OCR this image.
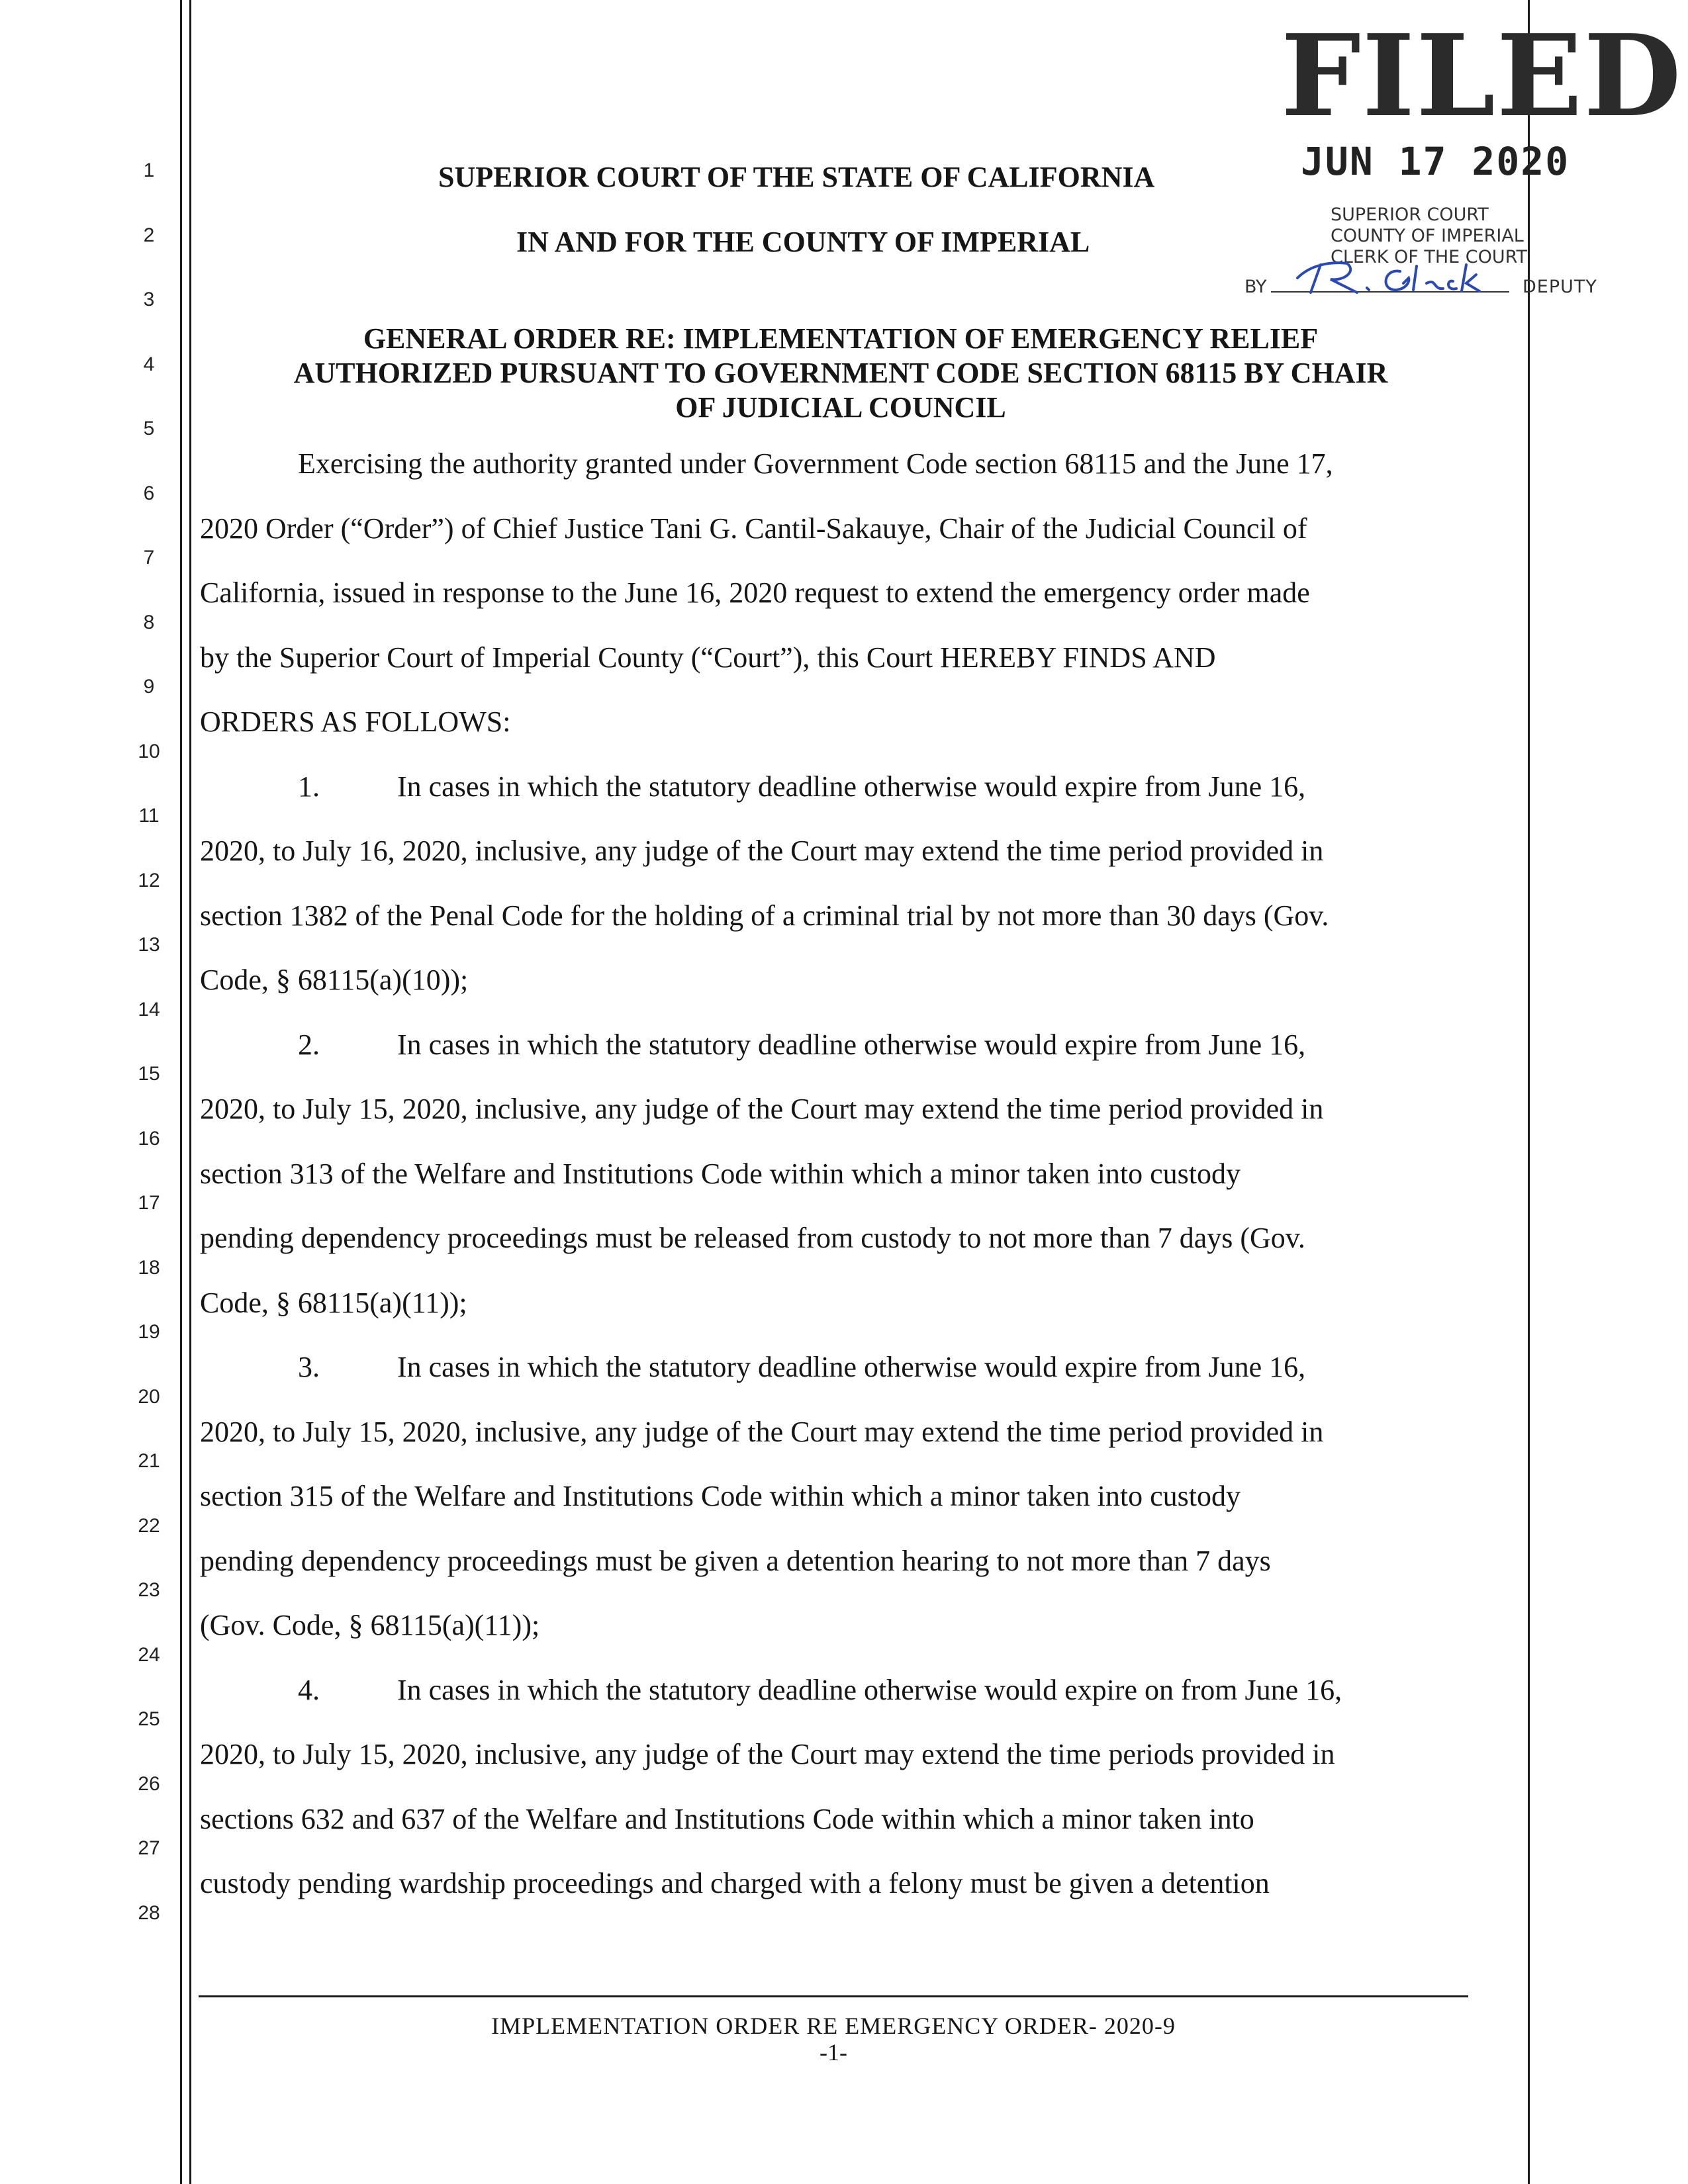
1
2
3
4
5
6
7
8
9
10
11
12
13
14
15
16
17
18
19
20
21
22
23
24
25
26
27
28
FILED
JUN 17 2020
SUPERIOR COURT
COUNTY OF IMPERIAL
CLERK OF THE COURT
BY	DEPUTY
SUPERIOR COURT OF THE STATE OF CALIFORNIA
IN AND FOR THE COUNTY OF IMPERIAL
GENERAL ORDER RE: IMPLEMENTATION OF EMERGENCY RELIEF
AUTHORIZED PURSUANT TO GOVERNMENT CODE SECTION 68115 BY CHAIR
OF JUDICIAL COUNCIL
Exercising the authority granted under Government Code section 68115 and the June 17,
2020 Order (“Order”) of Chief Justice Tani G. Cantil-Sakauye, Chair of the Judicial Council of
California, issued in response to the June 16, 2020 request to extend the emergency order made
by the Superior Court of Imperial County (“Court”), this Court HEREBY FINDS AND
ORDERS AS FOLLOWS:
1.	In cases in which the statutory deadline otherwise would expire from June 16,
2020, to July 16, 2020, inclusive, any judge of the Court may extend the time period provided in
section 1382 of the Penal Code for the holding of a criminal trial by not more than 30 days (Gov.
Code, § 68115(a)(10));
2.	In cases in which the statutory deadline otherwise would expire from June 16,
2020, to July 15, 2020, inclusive, any judge of the Court may extend the time period provided in
section 313 of the Welfare and Institutions Code within which a minor taken into custody
pending dependency proceedings must be released from custody to not more than 7 days (Gov.
Code, § 68115(a)(11));
3.	In cases in which the statutory deadline otherwise would expire from June 16,
2020, to July 15, 2020, inclusive, any judge of the Court may extend the time period provided in
section 315 of the Welfare and Institutions Code within which a minor taken into custody
pending dependency proceedings must be given a detention hearing to not more than 7 days
(Gov. Code, § 68115(a)(11));
4.	In cases in which the statutory deadline otherwise would expire on from June 16,
2020, to July 15, 2020, inclusive, any judge of the Court may extend the time periods provided in
sections 632 and 637 of the Welfare and Institutions Code within which a minor taken into
custody pending wardship proceedings and charged with a felony must be given a detention
IMPLEMENTATION ORDER RE EMERGENCY ORDER- 2020-9
-1-
